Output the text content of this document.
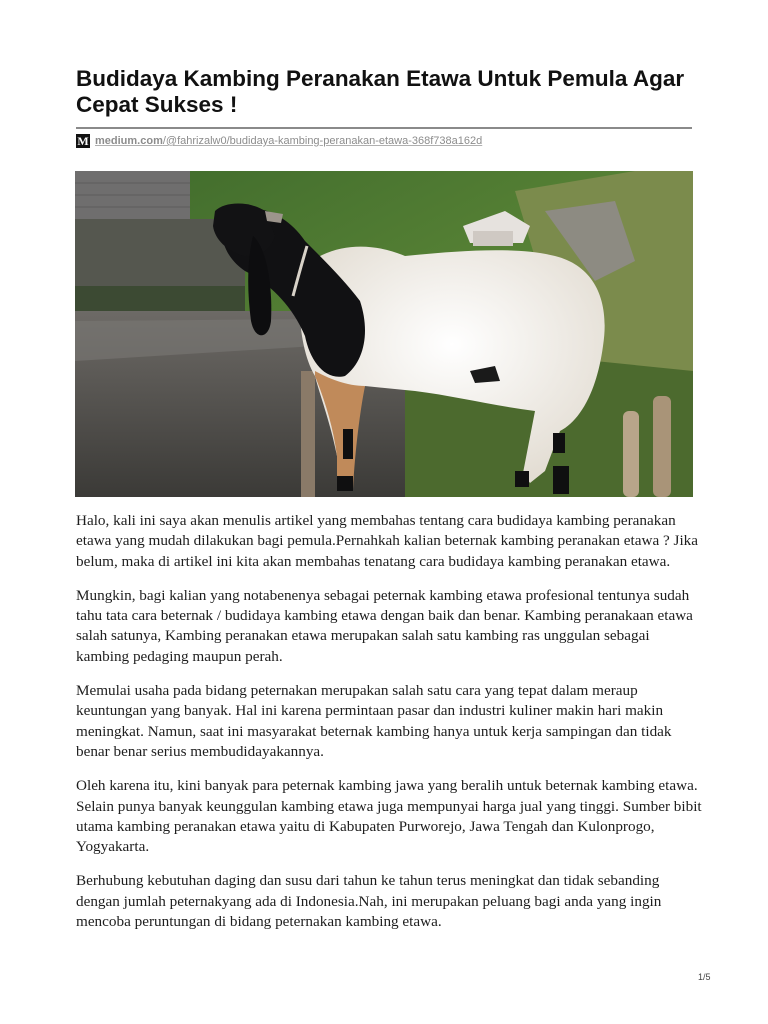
Budidaya Kambing Peranakan Etawa Untuk Pemula Agar Cepat Sukses !
M medium.com/@fahrizalw0/budidaya-kambing-peranakan-etawa-368f738a162d

Halo, kali ini saya akan menulis artikel yang membahas tentang cara budidaya kambing peranakan etawa yang mudah dilakukan bagi pemula.Pernahkah kalian beternak kambing peranakan etawa ? Jika belum, maka di artikel ini kita akan membahas tenatang cara budidaya kambing peranakan etawa.

Mungkin, bagi kalian yang notabenenya sebagai peternak kambing etawa profesional tentunya sudah tahu tata cara beternak / budidaya kambing etawa dengan baik dan benar. Kambing peranakaan etawa salah satunya, Kambing peranakan etawa merupakan salah satu kambing ras unggulan sebagai kambing pedaging maupun perah.

Memulai usaha pada bidang peternakan merupakan salah satu cara yang tepat dalam meraup keuntungan yang banyak. Hal ini karena permintaan pasar dan industri kuliner makin hari makin meningkat. Namun, saat ini masyarakat beternak kambing hanya untuk kerja sampingan dan tidak benar benar serius membudidayakannya.

Oleh karena itu, kini banyak para peternak kambing jawa yang beralih untuk beternak kambing etawa. Selain punya banyak keunggulan kambing etawa juga mempunyai harga jual yang tinggi. Sumber bibit utama kambing peranakan etawa yaitu di Kabupaten Purworejo, Jawa Tengah dan Kulonprogo, Yogyakarta.

Berhubung kebutuhan daging dan susu dari tahun ke tahun terus meningkat dan tidak sebanding dengan jumlah peternakyang ada di Indonesia.Nah, ini merupakan peluang bagi anda yang ingin mencoba peruntungan di bidang peternakan kambing etawa.

1/5
